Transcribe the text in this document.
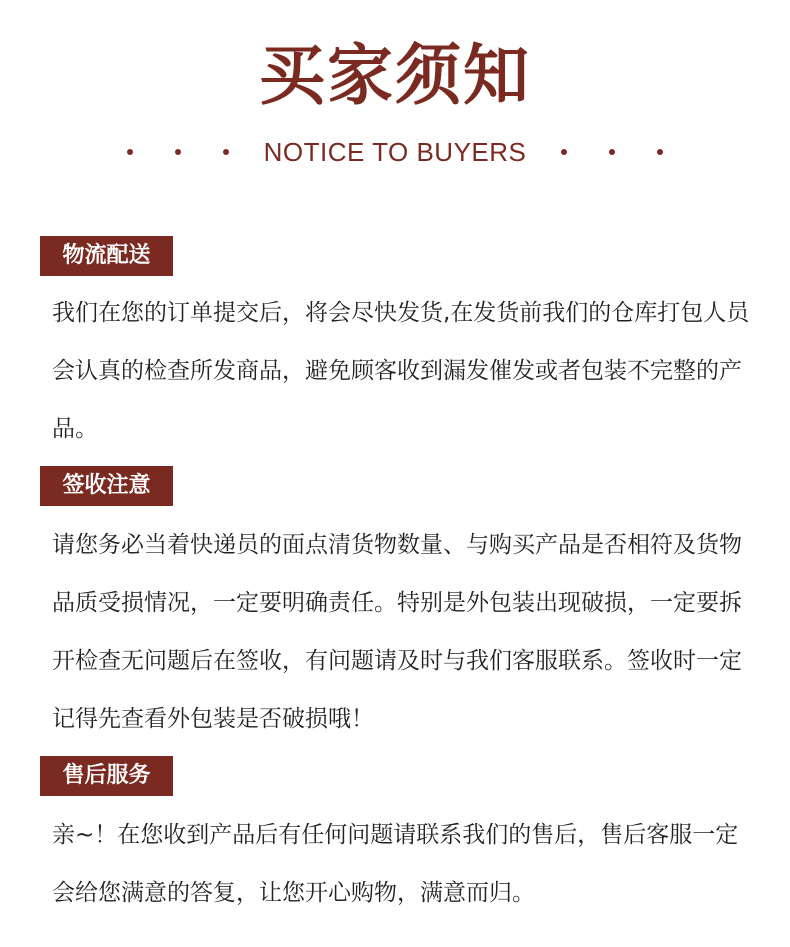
买家须知
NOTICE TO BUYERS
物流配送

我们在您的订单提交后，将会尽快发货,在发货前我们的仓库打包人员会认真的检查所发商品，避免顾客收到漏发催发或者包装不完整的产品。

签收注意

请您务必当着快递员的面点清货物数量、与购买产品是否相符及货物品质受损情况，一定要明确责任。特别是外包装出现破损，一定要拆开检查无问题后在签收，有问题请及时与我们客服联系。签收时一定记得先查看外包装是否破损哦！

售后服务

亲~！在您收到产品后有任何问题请联系我们的售后，售后客服一定会给您满意的答复，让您开心购物，满意而归。
